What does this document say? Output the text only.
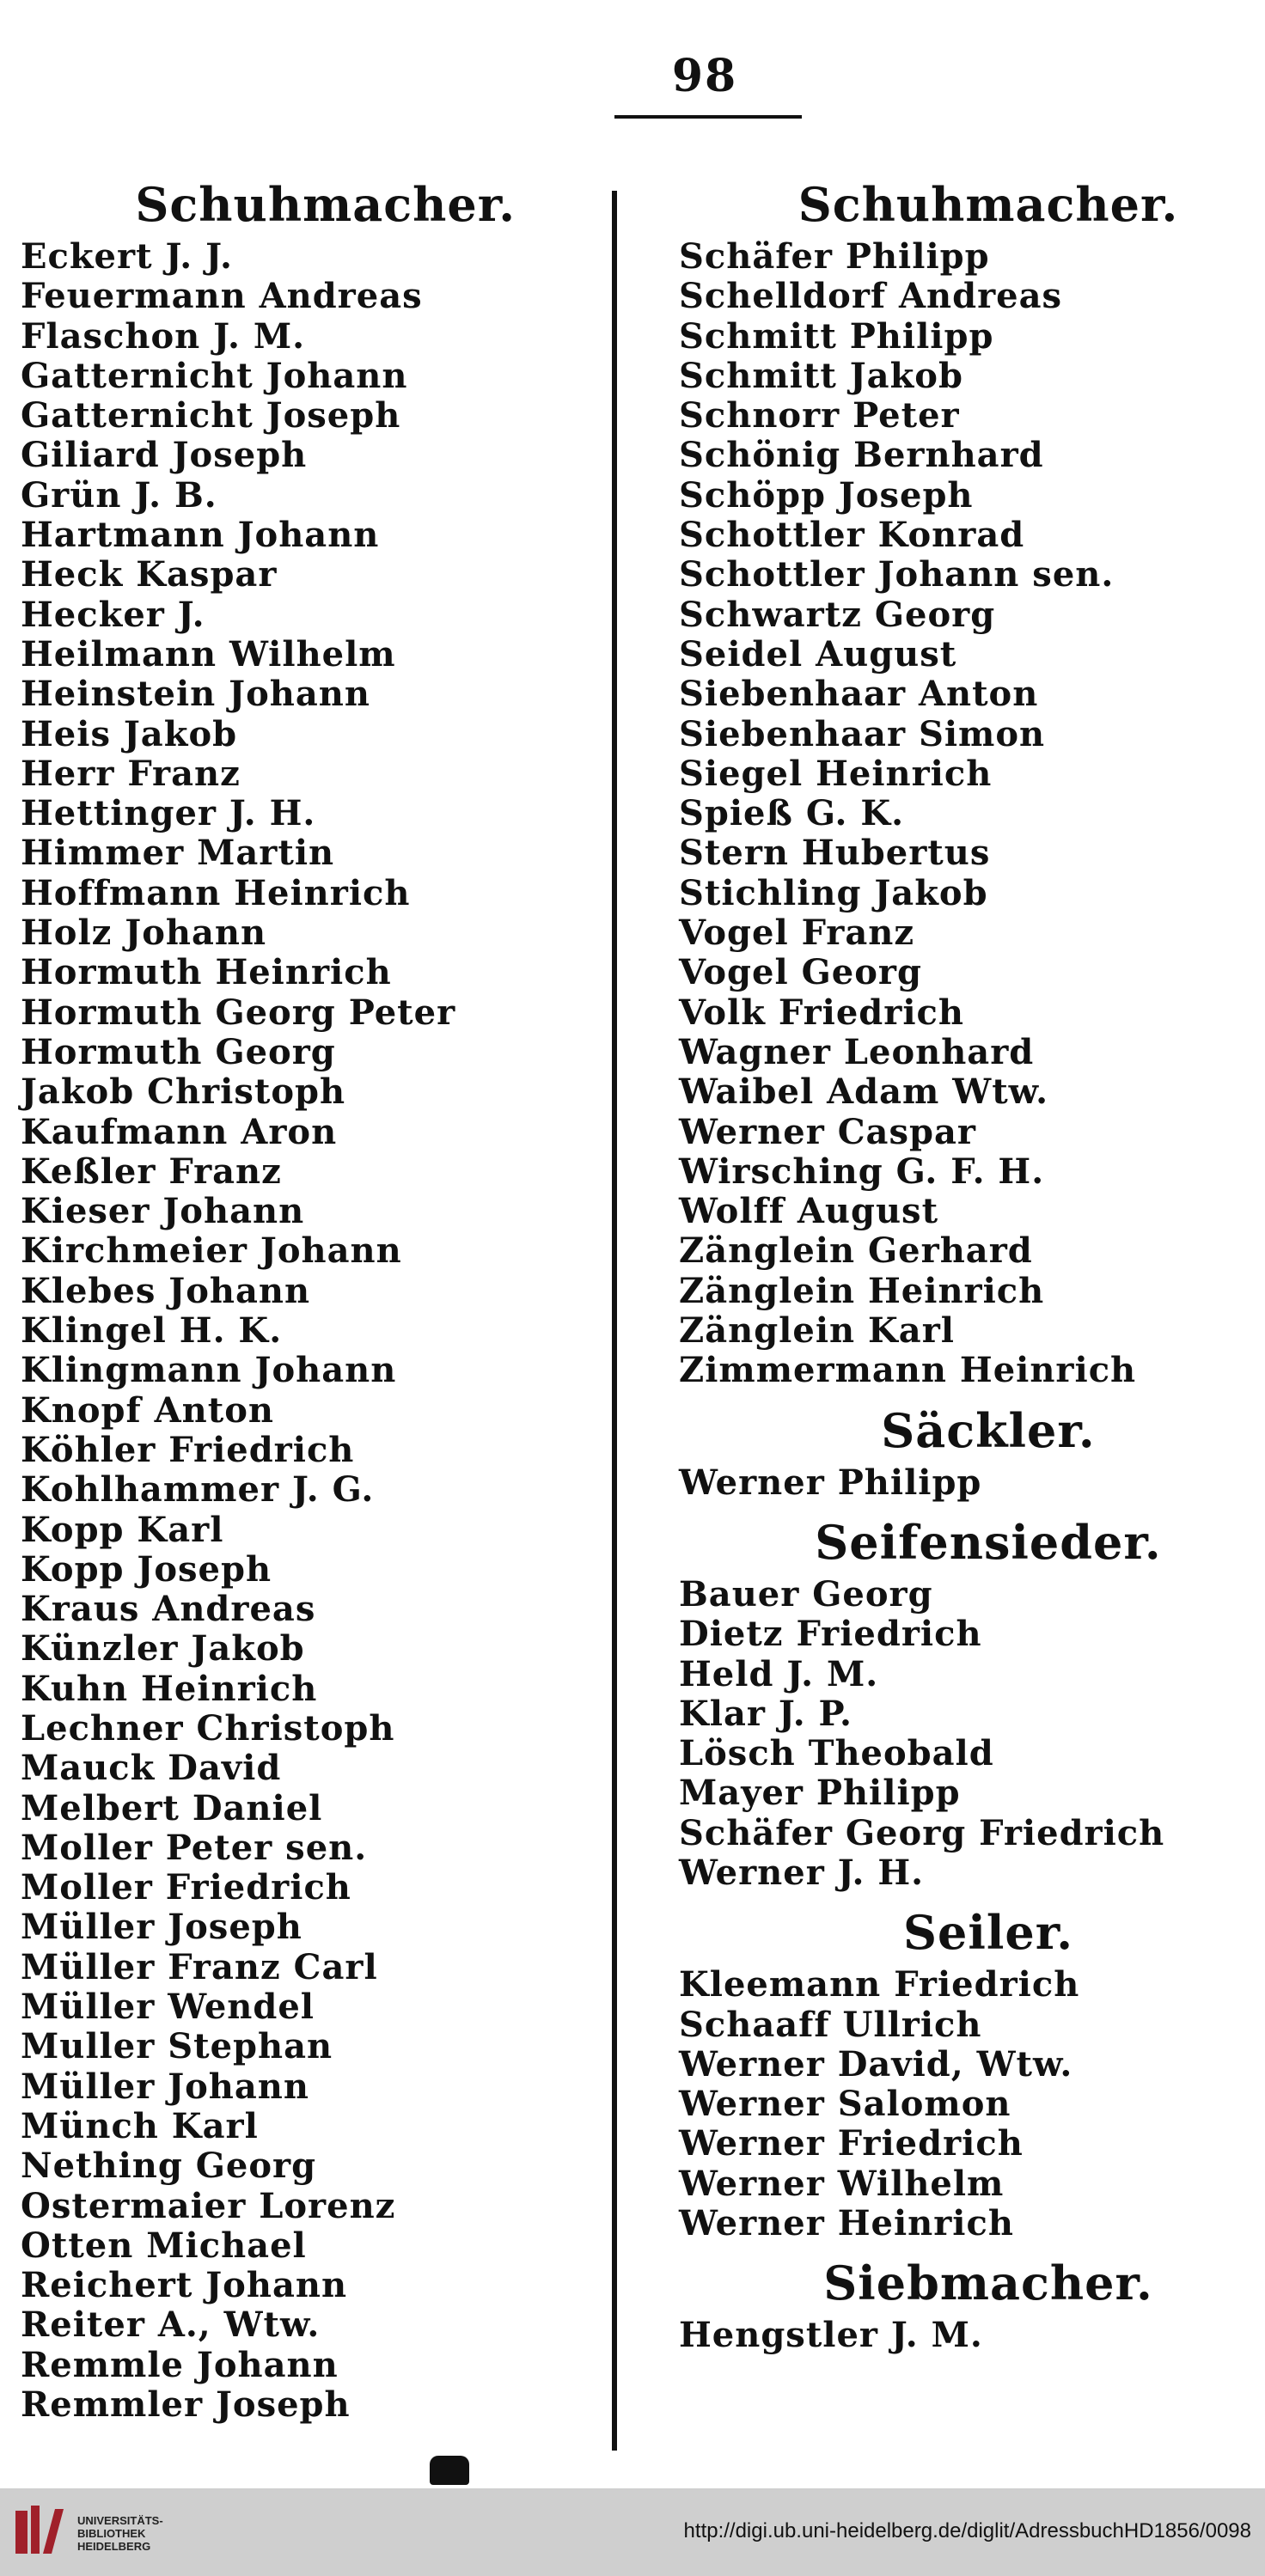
98
Schuhmacher.
Eckert J. J.
Feuermann Andreas
Flaschon J. M.
Gatternicht Johann
Gatternicht Joseph
Giliard Joseph
Grün J. B.
Hartmann Johann
Heck Kaspar
Hecker J.
Heilmann Wilhelm
Heinstein Johann
Heis Jakob
Herr Franz
Hettinger J. H.
Himmer Martin
Hoffmann Heinrich
Holz Johann
Hormuth Heinrich
Hormuth Georg Peter
Hormuth Georg
Jakob Christoph
Kaufmann Aron
Keßler Franz
Kieser Johann
Kirchmeier Johann
Klebes Johann
Klingel H. K.
Klingmann Johann
Knopf Anton
Köhler Friedrich
Kohlhammer J. G.
Kopp Karl
Kopp Joseph
Kraus Andreas
Künzler Jakob
Kuhn Heinrich
Lechner Christoph
Mauck David
Melbert Daniel
Moller Peter sen.
Moller Friedrich
Müller Joseph
Müller Franz Carl
Müller Wendel
Muller Stephan
Müller Johann
Münch Karl
Nething Georg
Ostermaier Lorenz
Otten Michael
Reichert Johann
Reiter A., Wtw.
Remmle Johann
Remmler Joseph
Schuhmacher.
Schäfer Philipp
Schelldorf Andreas
Schmitt Philipp
Schmitt Jakob
Schnorr Peter
Schönig Bernhard
Schöpp Joseph
Schottler Konrad
Schottler Johann sen.
Schwartz Georg
Seidel August
Siebenhaar Anton
Siebenhaar Simon
Siegel Heinrich
Spieß G. K.
Stern Hubertus
Stichling Jakob
Vogel Franz
Vogel Georg
Volk Friedrich
Wagner Leonhard
Waibel Adam Wtw.
Werner Caspar
Wirsching G. F. H.
Wolff August
Zänglein Gerhard
Zänglein Heinrich
Zänglein Karl
Zimmermann Heinrich
Säckler.
Werner Philipp
Seifensieder.
Bauer Georg
Dietz Friedrich
Held J. M.
Klar J. P.
Lösch Theobald
Mayer Philipp
Schäfer Georg Friedrich
Werner J. H.
Seiler.
Kleemann Friedrich
Schaaff Ullrich
Werner David, Wtw.
Werner Salomon
Werner Friedrich
Werner Wilhelm
Werner Heinrich
Siebmacher.
Hengstler J. M.
UNIVERSITÄTS-
BIBLIOTHEK
HEIDELBERG
http://digi.ub.uni-heidelberg.de/diglit/AdressbuchHD1856/0098
